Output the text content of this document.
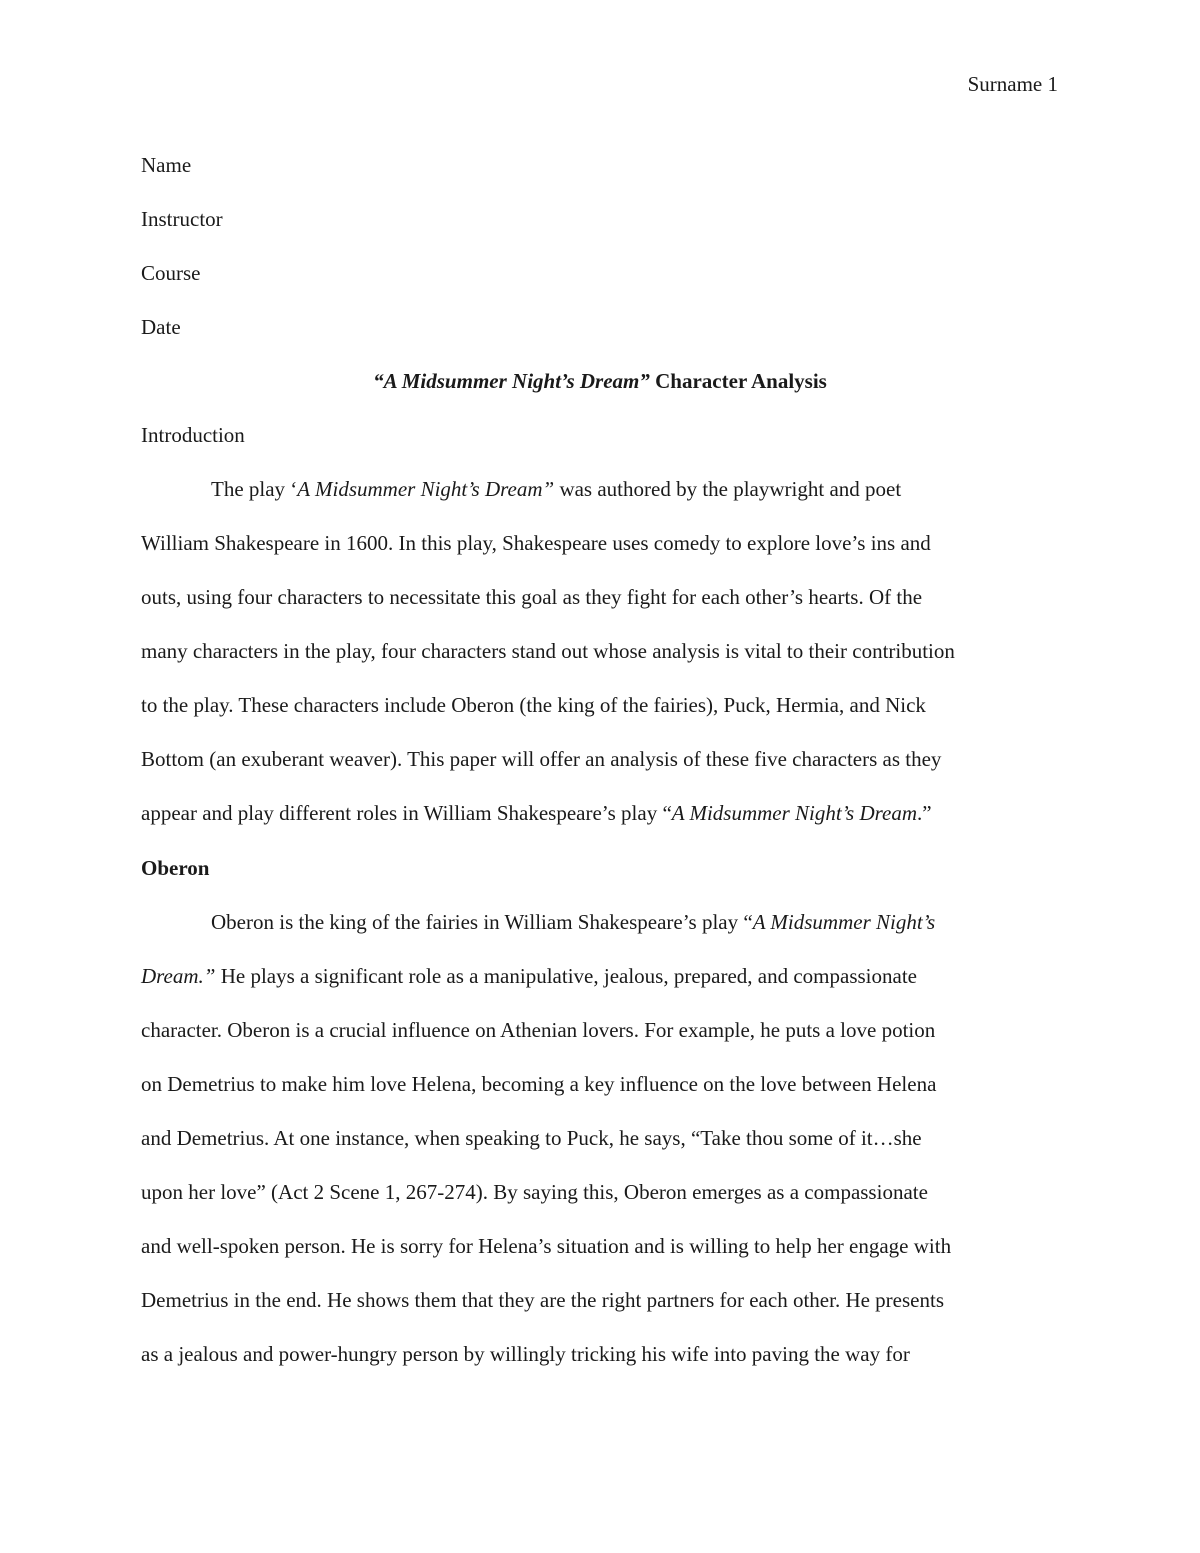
Surname 1
Name
Instructor
Course
Date
“A Midsummer Night’s Dream” Character Analysis
Introduction
The play ‘A Midsummer Night’s Dream” was authored by the playwright and poet
William Shakespeare in 1600. In this play, Shakespeare uses comedy to explore love’s ins and
outs, using four characters to necessitate this goal as they fight for each other’s hearts. Of the
many characters in the play, four characters stand out whose analysis is vital to their contribution
to the play. These characters include Oberon (the king of the fairies), Puck, Hermia, and Nick
Bottom (an exuberant weaver). This paper will offer an analysis of these five characters as they
appear and play different roles in William Shakespeare’s play “A Midsummer Night’s Dream.”
Oberon
Oberon is the king of the fairies in William Shakespeare’s play “A Midsummer Night’s
Dream.” He plays a significant role as a manipulative, jealous, prepared, and compassionate
character. Oberon is a crucial influence on Athenian lovers. For example, he puts a love potion
on Demetrius to make him love Helena, becoming a key influence on the love between Helena
and Demetrius. At one instance, when speaking to Puck, he says, “Take thou some of it…she
upon her love” (Act 2 Scene 1, 267-274). By saying this, Oberon emerges as a compassionate
and well-spoken person. He is sorry for Helena’s situation and is willing to help her engage with
Demetrius in the end. He shows them that they are the right partners for each other. He presents
as a jealous and power-hungry person by willingly tricking his wife into paving the way for
